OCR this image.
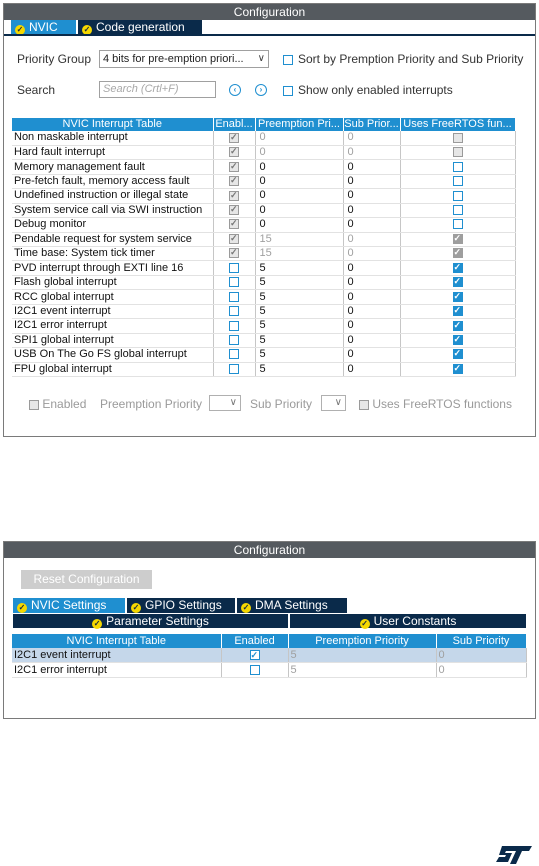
Configuration
✓ NVIC	✓ Code generation
Priority Group	4 bits for pre-emption priori... ∨	Sort by Premption Priority and Sub Priority
Search	Search (Crtl+F)	‹	›	Show only enabled interrupts
NVIC Interrupt Table	Enabl...	Preemption Pri...	Sub Prior...	Uses FreeRTOS fun...
Non maskable interrupt	✓	0	0	
Hard fault interrupt	✓	0	0	
Memory management fault	✓	0	0	
Pre-fetch fault, memory access fault	✓	0	0	
Undefined instruction or illegal state	✓	0	0	
System service call via SWI instruction	✓	0	0	
Debug monitor	✓	0	0	
Pendable request for system service	✓	15	0	✓
Time base: System tick timer	✓	15	0	✓
PVD interrupt through EXTI line 16		5	0	✓
Flash global interrupt		5	0	✓
RCC global interrupt		5	0	✓
I2C1 event interrupt		5	0	✓
I2C1 error interrupt		5	0	✓
SPI1 global interrupt		5	0	✓
USB On The Go FS global interrupt		5	0	✓
FPU global interrupt		5	0	✓
Enabled Preemption Priority	∨	Sub Priority	∨	Uses FreeRTOS functions
Configuration
Reset Configuration
✓ NVIC Settings	✓ GPIO Settings	✓ DMA Settings
✓ Parameter Settings	✓ User Constants
NVIC Interrupt Table	Enabled	Preemption Priority	Sub Priority
I2C1 event interrupt	✓	5	0
I2C1 error interrupt		5	0
